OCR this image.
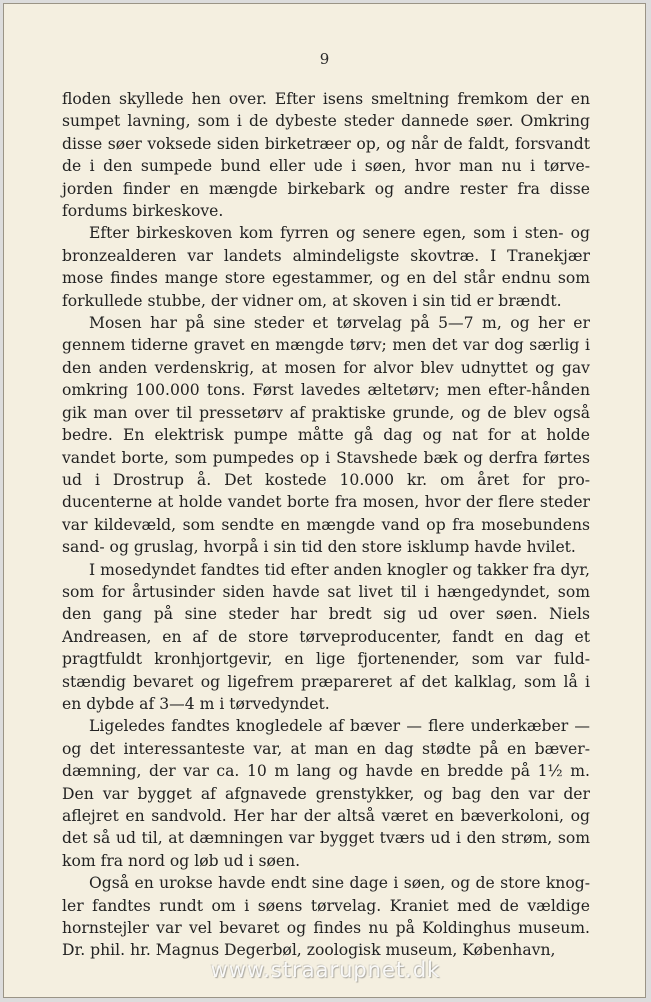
9

floden skyllede hen over. Efter isens smeltning fremkom der en sumpet lavning, som i de dybeste steder dannede søer. Omkring disse søer voksede siden birketræer op, og når de faldt, forsvandt de i den sumpede bund eller ude i søen, hvor man nu i tørve-jorden finder en mængde birkebark og andre rester fra disse fordums birkeskove.

Efter birkeskoven kom fyrren og senere egen, som i sten- og bronzealderen var landets almindeligste skovtræ. I Tranekjær mose findes mange store egestammer, og en del står endnu som forkullede stubbe, der vidner om, at skoven i sin tid er brændt.

Mosen har på sine steder et tørvelag på 5—7 m, og her er gennem tiderne gravet en mængde tørv; men det var dog særlig i den anden verdenskrig, at mosen for alvor blev udnyttet og gav omkring 100.000 tons. Først lavedes æltetørv; men efter-hånden gik man over til pressetørv af praktiske grunde, og de blev også bedre. En elektrisk pumpe måtte gå dag og nat for at holde vandet borte, som pumpedes op i Stavshede bæk og derfra førtes ud i Drostrup å. Det kostede 10.000 kr. om året for pro-ducenterne at holde vandet borte fra mosen, hvor der flere steder var kildevæld, som sendte en mængde vand op fra mosebundens sand- og gruslag, hvorpå i sin tid den store isklump havde hvilet.

I mosedyndet fandtes tid efter anden knogler og takker fra dyr, som for årtusinder siden havde sat livet til i hængedyndet, som den gang på sine steder har bredt sig ud over søen. Niels Andreasen, en af de store tørveproducenter, fandt en dag et pragtfuldt kronhjortgevir, en lige fjortenender, som var fuld-stændig bevaret og ligefrem præpareret af det kalklag, som lå i en dybde af 3—4 m i tørvedyndet.

Ligeledes fandtes knogledele af bæver — flere underkæber — og det interessanteste var, at man en dag stødte på en bæver-dæmning, der var ca. 10 m lang og havde en bredde på 1½ m. Den var bygget af afgnavede grenstykker, og bag den var der aflejret en sandvold. Her har der altså været en bæverkoloni, og det så ud til, at dæmningen var bygget tværs ud i den strøm, som kom fra nord og løb ud i søen.

Også en urokse havde endt sine dage i søen, og de store knog-ler fandtes rundt om i søens tørvelag. Kraniet med de vældige hornstejler var vel bevaret og findes nu på Koldinghus museum. Dr. phil. hr. Magnus Degerbøl, zoologisk museum, København,

www.straarupnet.dk
